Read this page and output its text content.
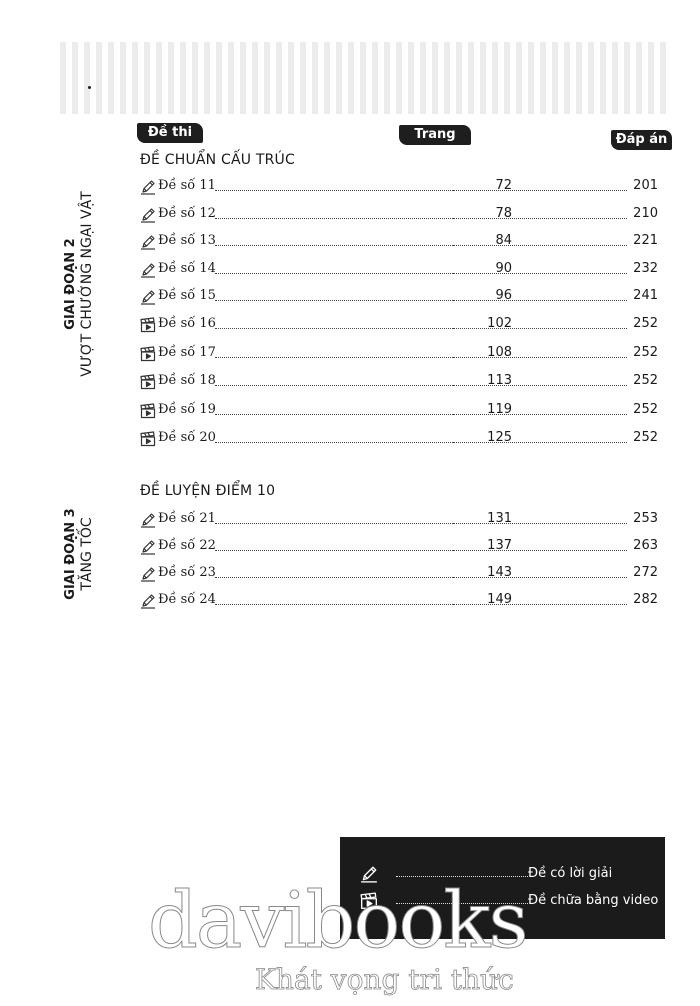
Đề thi	Trang	Đáp án
GIAI ĐOẠN 2 VƯỢT CHƯỚNG NGẠI VẬT
GIAI ĐOẠN 3 TĂNG TỐC
ĐỀ CHUẨN CẤU TRÚC
ĐỀ LUYỆN ĐIỂM 10
Đề số 11	72	201
Đề số 12	78	210
Đề số 13	84	221
Đề số 14	90	232
Đề số 15	96	241
Đề số 16	102	252
Đề số 17	108	252
Đề số 18	113	252
Đề số 19	119	252
Đề số 20	125	252
Đề số 21	131	253
Đề số 22	137	263
Đề số 23	143	272
Đề số 24	149	282
Đề có lời giải
Đề chữa bằng video
davibooks
Khát vọng tri thức
